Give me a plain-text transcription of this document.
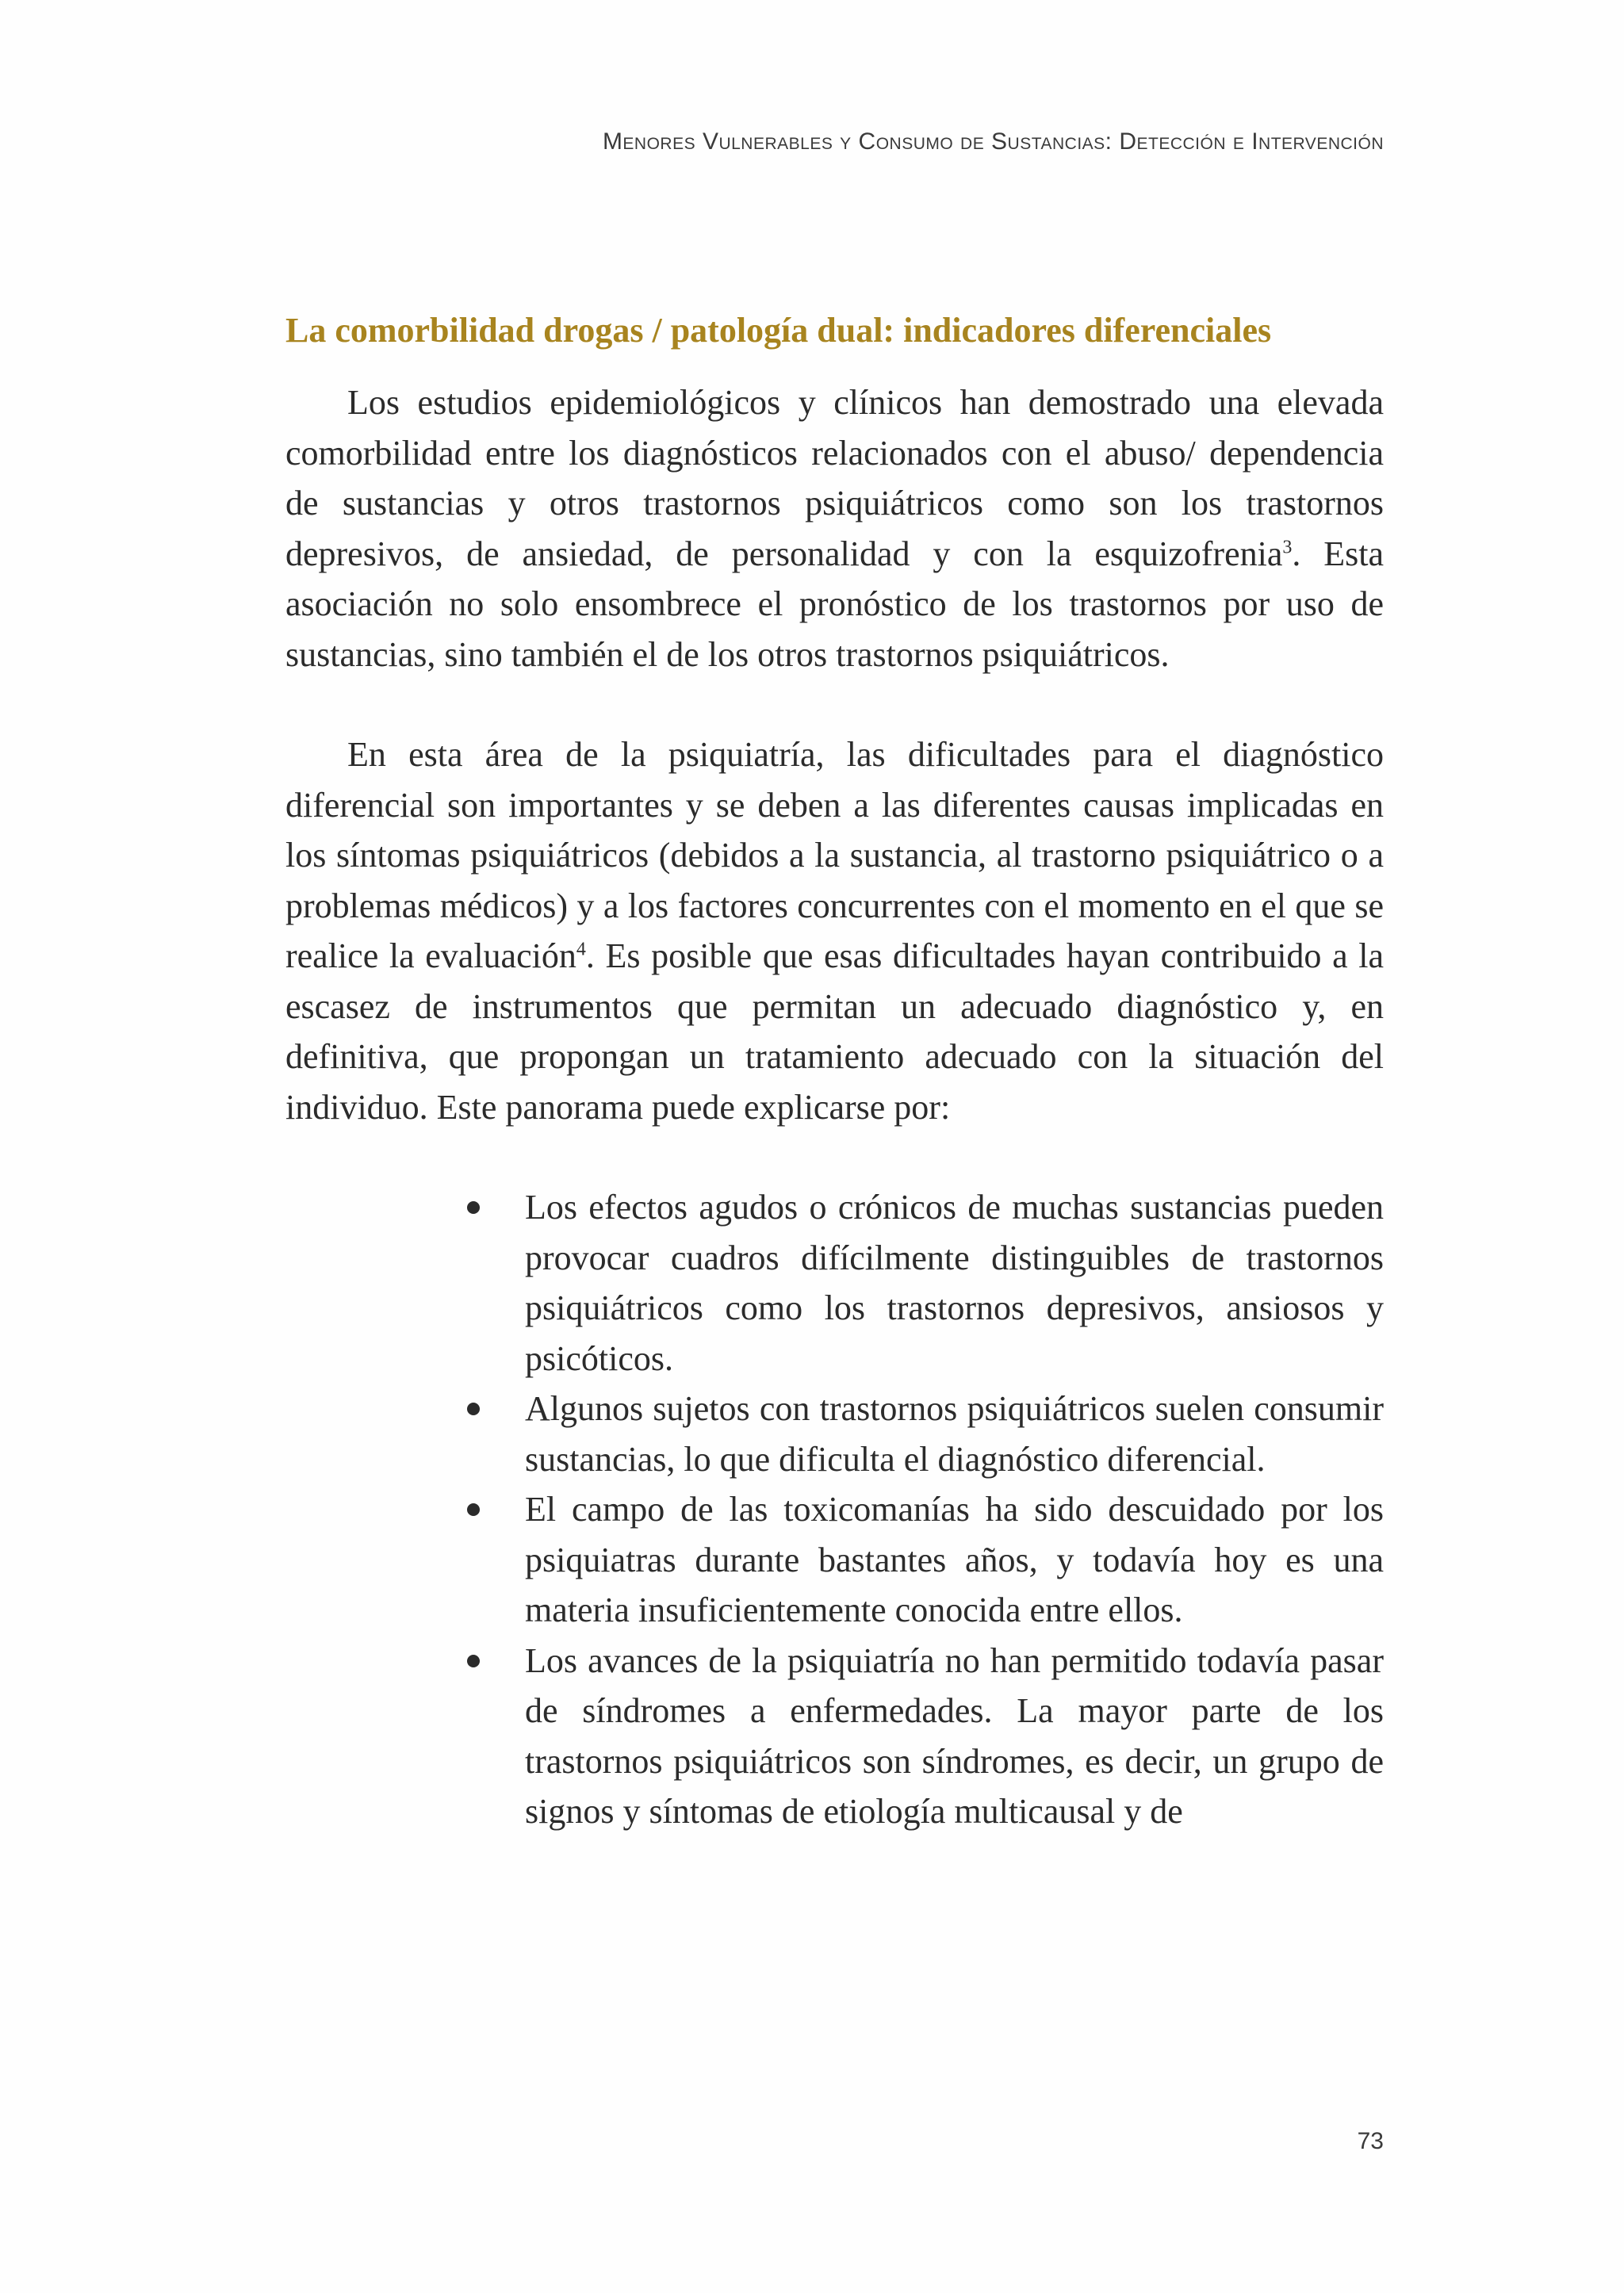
Menores Vulnerables y Consumo de Sustancias: Detección e Intervención
La comorbilidad drogas / patología dual: indicadores diferenciales

Los estudios epidemiológicos y clínicos han demostrado una elevada comorbilidad entre los diagnósticos relacionados con el abuso/ dependencia de sustancias y otros trastornos psiquiátricos como son los trastornos depresivos, de ansiedad, de personalidad y con la esquizofrenia$^3$. Esta asociación no solo ensombrece el pronóstico de los trastornos por uso de sustancias, sino también el de los otros trastornos psiquiátricos.

En esta área de la psiquiatría, las dificultades para el diagnóstico diferencial son importantes y se deben a las diferentes causas implicadas en los síntomas psiquiátricos (debidos a la sustancia, al trastorno psiquiátrico o a problemas médicos) y a los factores concurrentes con el momento en el que se realice la evaluación$^4$. Es posible que esas dificultades hayan contribuido a la escasez de instrumentos que permitan un adecuado diagnóstico y, en definitiva, que propongan un tratamiento adecuado con la situación del individuo. Este panorama puede explicarse por:

Los efectos agudos o crónicos de muchas sustancias pueden provocar cuadros difícilmente distinguibles de trastornos psiquiátricos como los trastornos depresivos, ansiosos y psicóticos.
Algunos sujetos con trastornos psiquiátricos suelen consumir sustancias, lo que dificulta el diagnóstico diferencial.
El campo de las toxicomanías ha sido descuidado por los psiquiatras durante bastantes años, y todavía hoy es una materia insuficientemente conocida entre ellos.
Los avances de la psiquiatría no han permitido todavía pasar de síndromes a enfermedades. La mayor parte de los trastornos psiquiátricos son síndromes, es decir, un grupo de signos y síntomas de etiología multicausal y de
73
